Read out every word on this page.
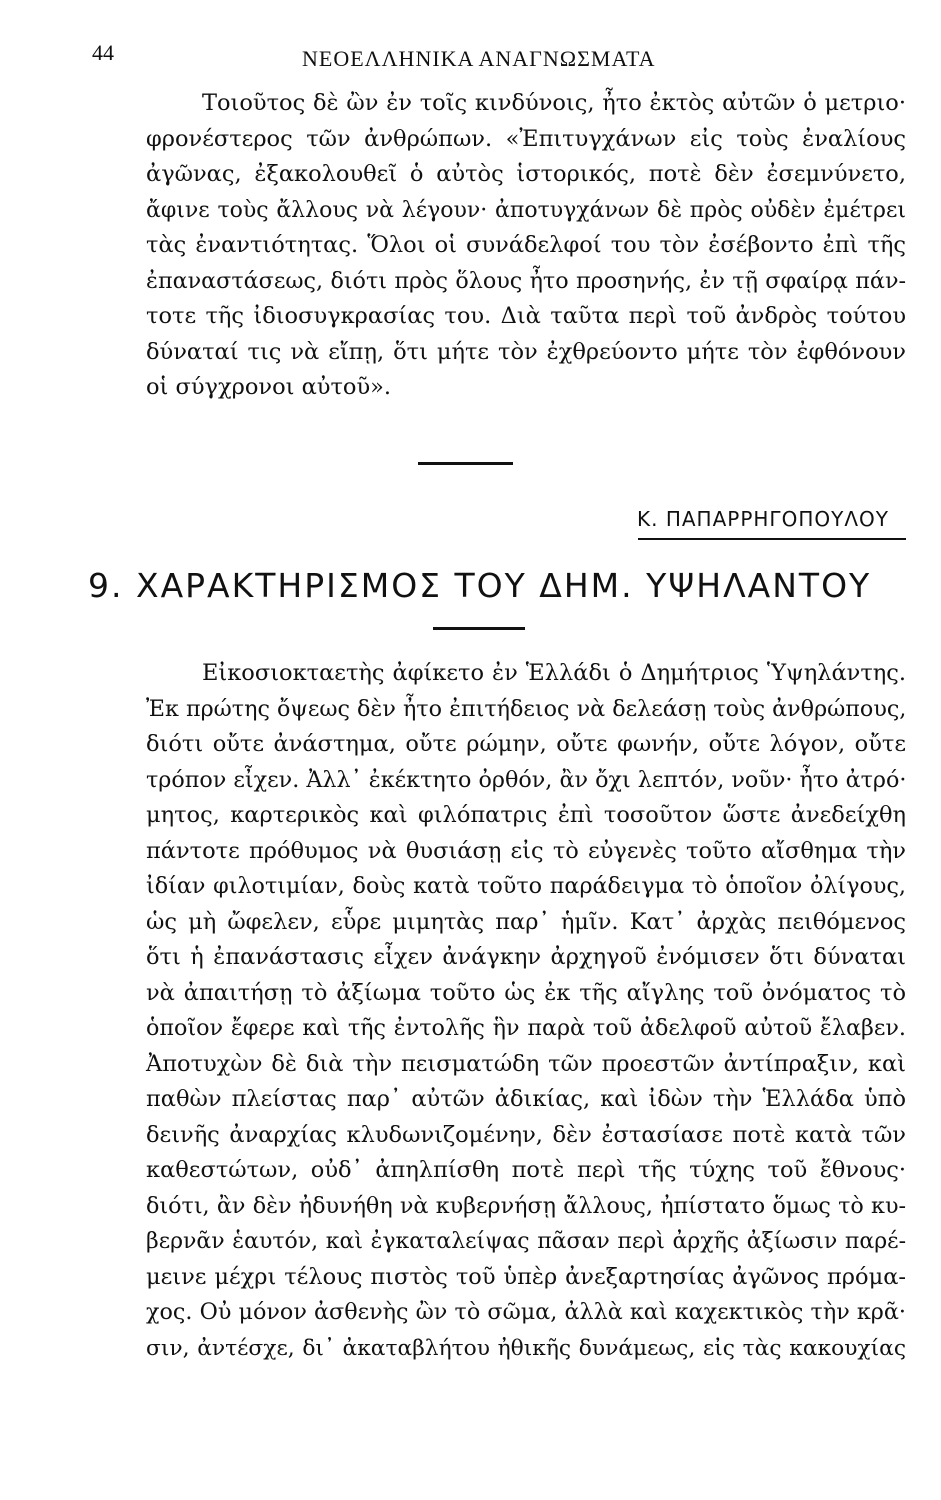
44	ΝΕΟΕΛΛΗΝΙΚΑ ΑΝΑΓΝΩΣΜΑΤΑ
Τοιοῦτος δὲ ὢν ἐν τοῖς κινδύνοις, ἦτο ἐκτὸς αὐτῶν ὁ μετριο·
φρονέστερος τῶν ἀνθρώπων. «Ἐπιτυγχάνων εἰς τοὺς ἐναλίους
ἀγῶνας, ἐξακολουθεῖ ὁ αὐτὸς ἱστορικός, ποτὲ δὲν ἐσεμνύνετο,
ἄφινε τοὺς ἄλλους νὰ λέγουν· ἀποτυγχάνων δὲ πρὸς οὐδὲν ἐμέτρει
τὰς ἐναντιότητας. Ὅλοι οἱ συνάδελφοί του τὸν ἐσέβοντο ἐπὶ τῆς
ἐπαναστάσεως, διότι πρὸς ὅλους ἦτο προσηνής, ἐν τῇ σφαίρᾳ πάν-
τοτε τῆς ἰδιοσυγκρασίας του. Διὰ ταῦτα περὶ τοῦ ἀνδρὸς τούτου
δύναταί τις νὰ εἴπῃ, ὅτι μήτε τὸν ἐχθρεύοντο μήτε τὸν ἐφθόνουν
οἱ σύγχρονοι αὐτοῦ».
Κ. ΠΑΠΑΡΡΗΓΟΠΟΥΛΟΥ
9. ΧΑΡΑΚΤΗΡΙΣΜΟΣ ΤΟΥ ΔΗΜ. ΥΨΗΛΑΝΤΟΥ
Εἰκοσιοκταετὴς ἀφίκετο ἐν Ἑλλάδι ὁ Δημήτριος Ὑψηλάντης.
Ἐκ πρώτης ὄψεως δὲν ἦτο ἐπιτήδειος νὰ δελεάσῃ τοὺς ἀνθρώπους,
διότι οὔτε ἀνάστημα, οὔτε ρώμην, οὔτε φωνήν, οὔτε λόγον, οὔτε
τρόπον εἶχεν. Ἀλλ᾽ ἐκέκτητο ὀρθόν, ἂν ὄχι λεπτόν, νοῦν· ἦτο ἀτρό·
μητος, καρτερικὸς καὶ φιλόπατρις ἐπὶ τοσοῦτον ὥστε ἀνεδείχθη
πάντοτε πρόθυμος νὰ θυσιάσῃ εἰς τὸ εὐγενὲς τοῦτο αἴσθημα τὴν
ἰδίαν φιλοτιμίαν, δοὺς κατὰ τοῦτο παράδειγμα τὸ ὁποῖον ὀλίγους,
ὡς μὴ ὤφελεν, εὗρε μιμητὰς παρ᾽ ἡμῖν. Κατ᾽ ἀρχὰς πειθόμενος
ὅτι ἡ ἐπανάστασις εἶχεν ἀνάγκην ἀρχηγοῦ ἐνόμισεν ὅτι δύναται
νὰ ἀπαιτήσῃ τὸ ἀξίωμα τοῦτο ὡς ἐκ τῆς αἴγλης τοῦ ὀνόματος τὸ
ὁποῖον ἔφερε καὶ τῆς ἐντολῆς ἣν παρὰ τοῦ ἀδελφοῦ αὐτοῦ ἔλαβεν.
Ἀποτυχὼν δὲ διὰ τὴν πεισματώδη τῶν προεστῶν ἀντίπραξιν, καὶ
παθὼν πλείστας παρ᾽ αὐτῶν ἀδικίας, καὶ ἰδὼν τὴν Ἑλλάδα ὑπὸ
δεινῆς ἀναρχίας κλυδωνιζομένην, δὲν ἐστασίασε ποτὲ κατὰ τῶν
καθεστώτων, οὐδ᾽ ἀπηλπίσθη ποτὲ περὶ τῆς τύχης τοῦ ἔθνους·
διότι, ἂν δὲν ἠδυνήθη νὰ κυβερνήσῃ ἄλλους, ἠπίστατο ὅμως τὸ κυ-
βερνᾶν ἑαυτόν, καὶ ἐγκαταλείψας πᾶσαν περὶ ἀρχῆς ἀξίωσιν παρέ-
μεινε μέχρι τέλους πιστὸς τοῦ ὑπὲρ ἀνεξαρτησίας ἀγῶνος πρόμα-
χος. Οὐ μόνον ἀσθενὴς ὢν τὸ σῶμα, ἀλλὰ καὶ καχεκτικὸς τὴν κρᾶ·
σιν, ἀντέσχε, δι᾽ ἀκαταβλήτου ἠθικῆς δυνάμεως, εἰς τὰς κακουχίας
